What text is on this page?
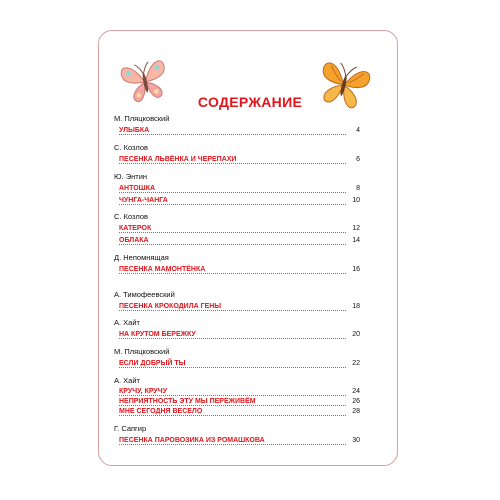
СОДЕРЖАНИЕ
М. Пляцковский
УЛЫБКА	4
С. Козлов
ПЕСЕНКА ЛЬВЁНКА И ЧЕРЕПАХИ	6
Ю. Энтин
АНТОШКА	8
ЧУНГА-ЧАНГА	10
С. Козлов
КАТЕРОК	12
ОБЛАКА	14
Д. Непомнящая
ПЕСЕНКА МАМОНТЁНКА	16
А. Тимофеевский
ПЕСЕНКА КРОКОДИЛА ГЕНЫ	18
А. Хайт
НА КРУТОМ БЕРЕЖКУ	20
М. Пляцковский
ЕСЛИ ДОБРЫЙ ТЫ	22
А. Хайт
КРУЧУ, КРУЧУ	24
НЕПРИЯТНОСТЬ ЭТУ МЫ ПЕРЕЖИВЁМ	26
МНЕ СЕГОДНЯ ВЕСЕЛО	28
Г. Сапгир
ПЕСЕНКА ПАРОВОЗИКА ИЗ РОМАШКОВА	30
